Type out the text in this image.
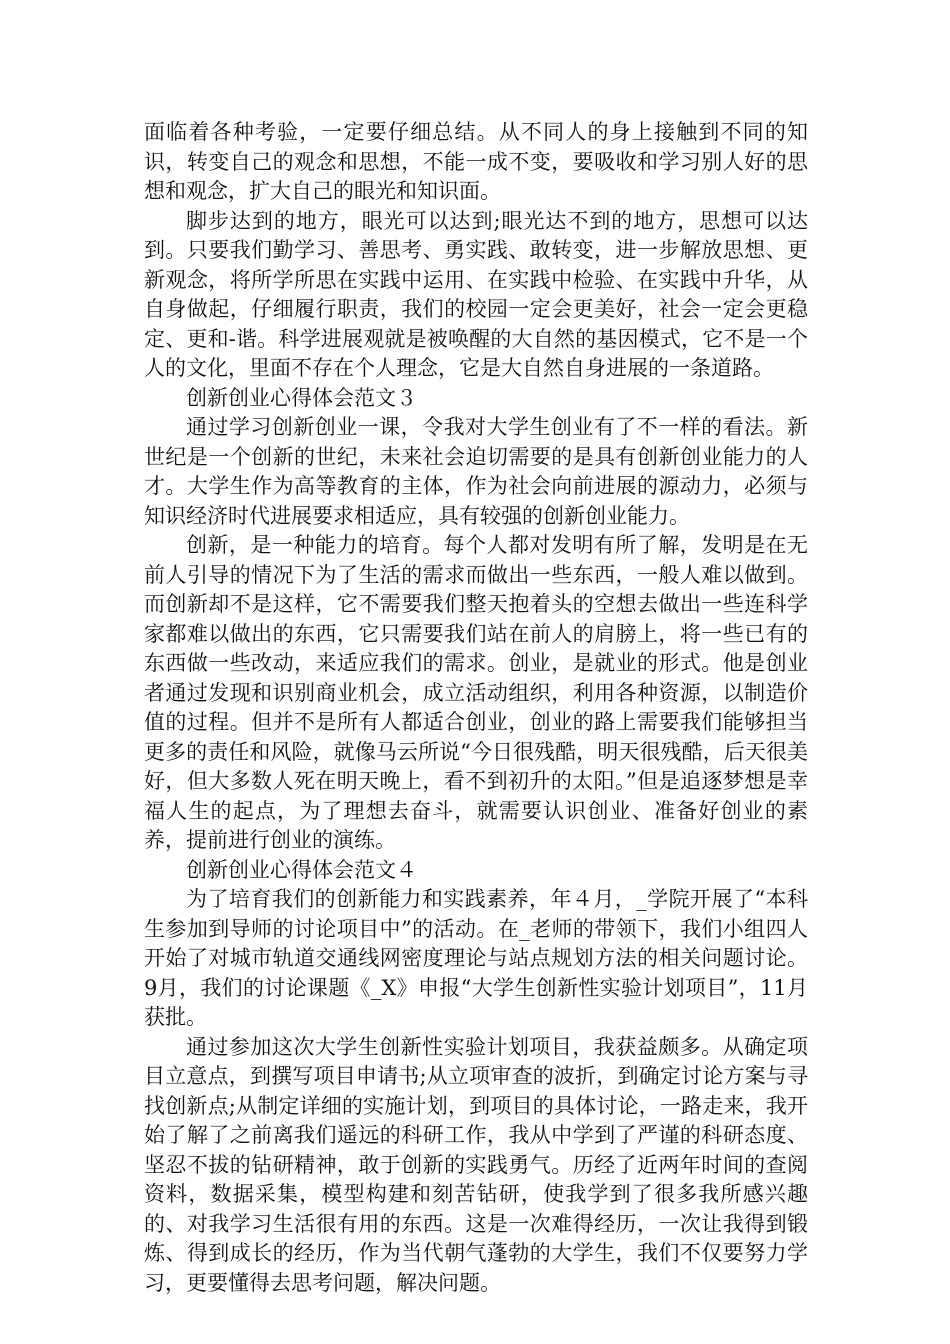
面临着各种考验，一定要仔细总结。从不同人的身上接触到不同的知识，转变自己的观念和思想，不能一成不变，要吸收和学习别人好的思想和观念，扩大自己的眼光和知识面。

脚步达到的地方，眼光可以达到;眼光达不到的地方，思想可以达到。只要我们勤学习、善思考、勇实践、敢转变，进一步解放思想、更新观念，将所学所思在实践中运用、在实践中检验、在实践中升华，从自身做起，仔细履行职责，我们的校园一定会更美好，社会一定会更稳定、更和-谐。科学进展观就是被唤醒的大自然的基因模式，它不是一个人的文化，里面不存在个人理念，它是大自然自身进展的一条道路。

创新创业心得体会范文３

通过学习创新创业一课，令我对大学生创业有了不一样的看法。新世纪是一个创新的世纪，未来社会迫切需要的是具有创新创业能力的人才。大学生作为高等教育的主体，作为社会向前进展的源动力，必须与知识经济时代进展要求相适应，具有较强的创新创业能力。

创新，是一种能力的培育。每个人都对发明有所了解，发明是在无前人引导的情况下为了生活的需求而做出一些东西，一般人难以做到。而创新却不是这样，它不需要我们整天抱着头的空想去做出一些连科学家都难以做出的东西，它只需要我们站在前人的肩膀上，将一些已有的东西做一些改动，来适应我们的需求。创业，是就业的形式。他是创业者通过发现和识别商业机会，成立活动组织，利用各种资源，以制造价值的过程。但并不是所有人都适合创业，创业的路上需要我们能够担当更多的责任和风险，就像马云所说“今日很残酷，明天很残酷，后天很美好，但大多数人死在明天晚上，看不到初升的太阳。”但是追逐梦想是幸福人生的起点，为了理想去奋斗，就需要认识创业、准备好创业的素养，提前进行创业的演练。

创新创业心得体会范文４

为了培育我们的创新能力和实践素养，年４月，_学院开展了“本科生参加到导师的讨论项目中”的活动。在_老师的带领下，我们小组四人开始了对城市轨道交通线网密度理论与站点规划方法的相关问题讨论。9月，我们的讨论课题《_X》申报“大学生创新性实验计划项目”，11月获批。

通过参加这次大学生创新性实验计划项目，我获益颇多。从确定项目立意点，到撰写项目申请书;从立项审查的波折，到确定讨论方案与寻找创新点;从制定详细的实施计划，到项目的具体讨论，一路走来，我开始了解了之前离我们遥远的科研工作，我从中学到了严谨的科研态度、坚忍不拔的钻研精神，敢于创新的实践勇气。历经了近两年时间的查阅资料，数据采集，模型构建和刻苦钻研，使我学到了很多我所感兴趣的、对我学习生活很有用的东西。这是一次难得经历，一次让我得到锻炼、得到成长的经历，作为当代朝气蓬勃的大学生，我们不仅要努力学习，更要懂得去思考问题，解决问题。
